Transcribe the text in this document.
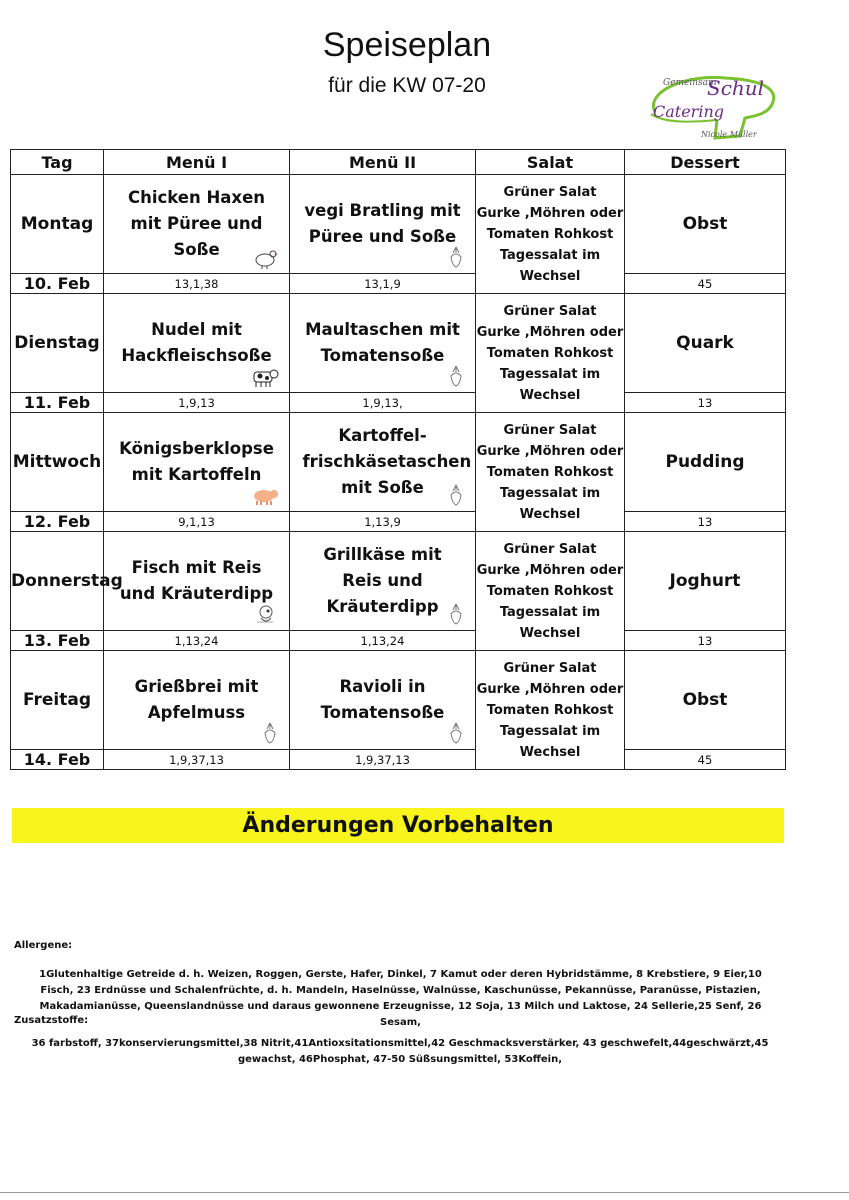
Speiseplan
für die KW 07-20	Gemeinsam
Schul
Catering
Nicole Müller
Tag	Menü I	Menü II	Salat	Dessert
Montag	Chicken Haxen mit Püree und Soße	vegi Bratling mit Püree und Soße	Grüner Salat
Gurke ,Möhren oder
Tomaten Rohkost
Tagessalat im
Wechsel	Obst
10. Feb	13,1,38	13,1,9		45
Dienstag	Nudel mit Hackfleischsoße	Maultaschen mit Tomatensoße	Grüner Salat
Gurke ,Möhren oder
Tomaten Rohkost
Tagessalat im
Wechsel	Quark
11. Feb	1,9,13	1,9,13,		13
Mittwoch	Königsberklopse mit Kartoffeln	Kartoffel-frischkäsetaschen mit Soße	Grüner Salat
Gurke ,Möhren oder
Tomaten Rohkost
Tagessalat im
Wechsel	Pudding
12. Feb	9,1,13	1,13,9		13
Donnerstag	Fisch mit Reis und Kräuterdipp	Grillkäse mit Reis und Kräuterdipp	Grüner Salat
Gurke ,Möhren oder
Tomaten Rohkost
Tagessalat im
Wechsel	Joghurt
13. Feb	1,13,24	1,13,24		13
Freitag	Grießbrei mit Apfelmuss	Ravioli in Tomatensoße	Grüner Salat
Gurke ,Möhren oder
Tomaten Rohkost
Tagessalat im
Wechsel	Obst
14. Feb	1,9,37,13	1,9,37,13		45
Änderungen Vorbehalten
Allergene:
1Glutenhaltige Getreide d. h. Weizen, Roggen, Gerste, Hafer, Dinkel, 7 Kamut oder deren Hybridstämme, 8 Krebstiere, 9 Eier,10 Fisch, 23 Erdnüsse und Schalenfrüchte, d. h. Mandeln, Haselnüsse, Walnüsse, Kaschunüsse, Pekannüsse, Paranüsse, Pistazien, Makadamianüsse, Queenslandnüsse und daraus gewonnene Erzeugnisse, 12 Soja, 13 Milch und Laktose, 24 Sellerie,25 Senf, 26 Sesam,
Zusatzstoffe:
36 farbstoff, 37konservierungsmittel,38 Nitrit,41Antioxsitationsmittel,42 Geschmacksverstärker, 43 geschwefelt,44geschwärzt,45 gewachst, 46Phosphat, 47-50 Süßsungsmittel, 53Koffein,
